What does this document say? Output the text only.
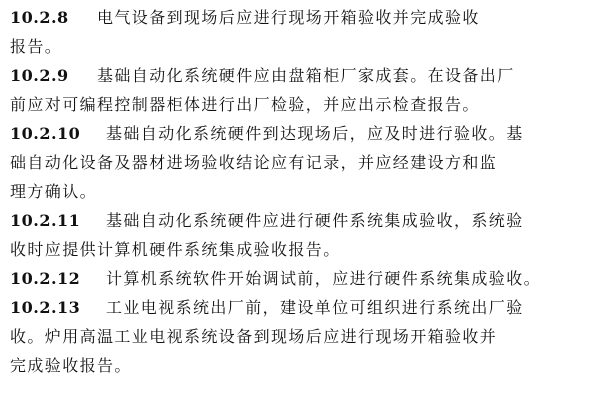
10.2.8 电气设备到现场后应进行现场开箱验收并完成验收
报告。
10.2.9 基础自动化系统硬件应由盘箱柜厂家成套。在设备出厂
前应对可编程控制器柜体进行出厂检验，并应出示检查报告。
10.2.10 基础自动化系统硬件到达现场后，应及时进行验收。基
础自动化设备及器材进场验收结论应有记录，并应经建设方和监
理方确认。
10.2.11 基础自动化系统硬件应进行硬件系统集成验收，系统验
收时应提供计算机硬件系统集成验收报告。
10.2.12 计算机系统软件开始调试前，应进行硬件系统集成验收。
10.2.13 工业电视系统出厂前，建设单位可组织进行系统出厂验
收。炉用高温工业电视系统设备到现场后应进行现场开箱验收并
完成验收报告。
